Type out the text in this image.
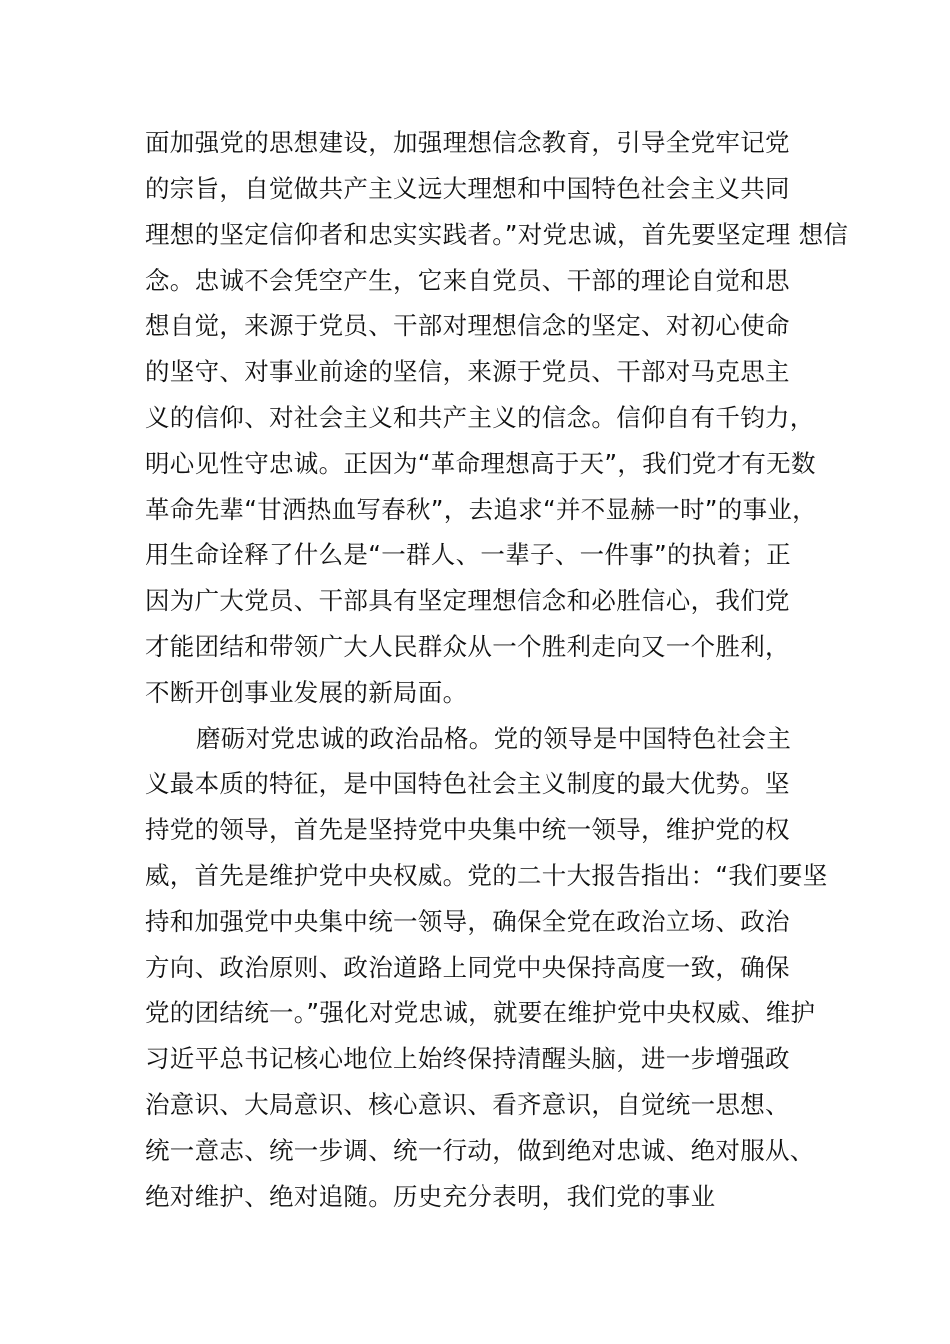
面加强党的思想建设，加强理想信念教育，引导全党牢记党
的宗旨，自觉做共产主义远大理想和中国特色社会主义共同
理想的坚定信仰者和忠实实践者。”对党忠诚，首先要坚定理 想信
念。忠诚不会凭空产生，它来自党员、干部的理论自觉和思
想自觉，来源于党员、干部对理想信念的坚定、对初心使命
的坚守、对事业前途的坚信，来源于党员、干部对马克思主
义的信仰、对社会主义和共产主义的信念。信仰自有千钧力，
明心见性守忠诚。正因为“革命理想高于天”，我们党才有无数
革命先辈“甘洒热血写春秋”，去追求“并不显赫一时”的事业，
用生命诠释了什么是“一群人、一辈子、一件事”的执着；正
因为广大党员、干部具有坚定理想信念和必胜信心，我们党
才能团结和带领广大人民群众从一个胜利走向又一个胜利，
不断开创事业发展的新局面。
磨砺对党忠诚的政治品格。党的领导是中国特色社会主
义最本质的特征，是中国特色社会主义制度的最大优势。坚
持党的领导，首先是坚持党中央集中统一领导，维护党的权
威，首先是维护党中央权威。党的二十大报告指出：“我们要坚
持和加强党中央集中统一领导，确保全党在政治立场、政治
方向、政治原则、政治道路上同党中央保持高度一致，确保
党的团结统一。”强化对党忠诚，就要在维护党中央权威、维护
习近平总书记核心地位上始终保持清醒头脑，进一步增强政
治意识、大局意识、核心意识、看齐意识，自觉统一思想、
统一意志、统一步调、统一行动，做到绝对忠诚、绝对服从、
绝对维护、绝对追随。历史充分表明，我们党的事业
